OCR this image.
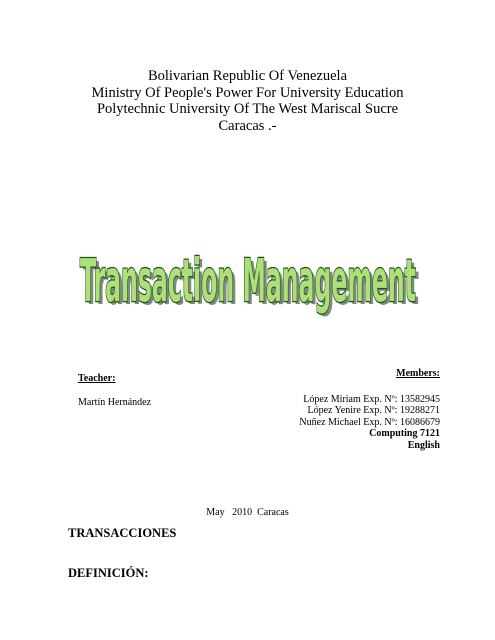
Bolivarian Republic Of Venezuela
Ministry Of People's Power For University Education
Polytechnic University Of The West Mariscal Sucre
Caracas .-
Transaction Management
Transaction Management
Teacher:
Martín Hernández
Members:
López Miriam Exp. Nº: 13582945
López Yenire Exp. Nº: 19288271
Nuñez Michael Exp. Nº: 16086679
Computing 7121
English
May   2010  Caracas
TRANSACCIONES
DEFINICIÓN:
